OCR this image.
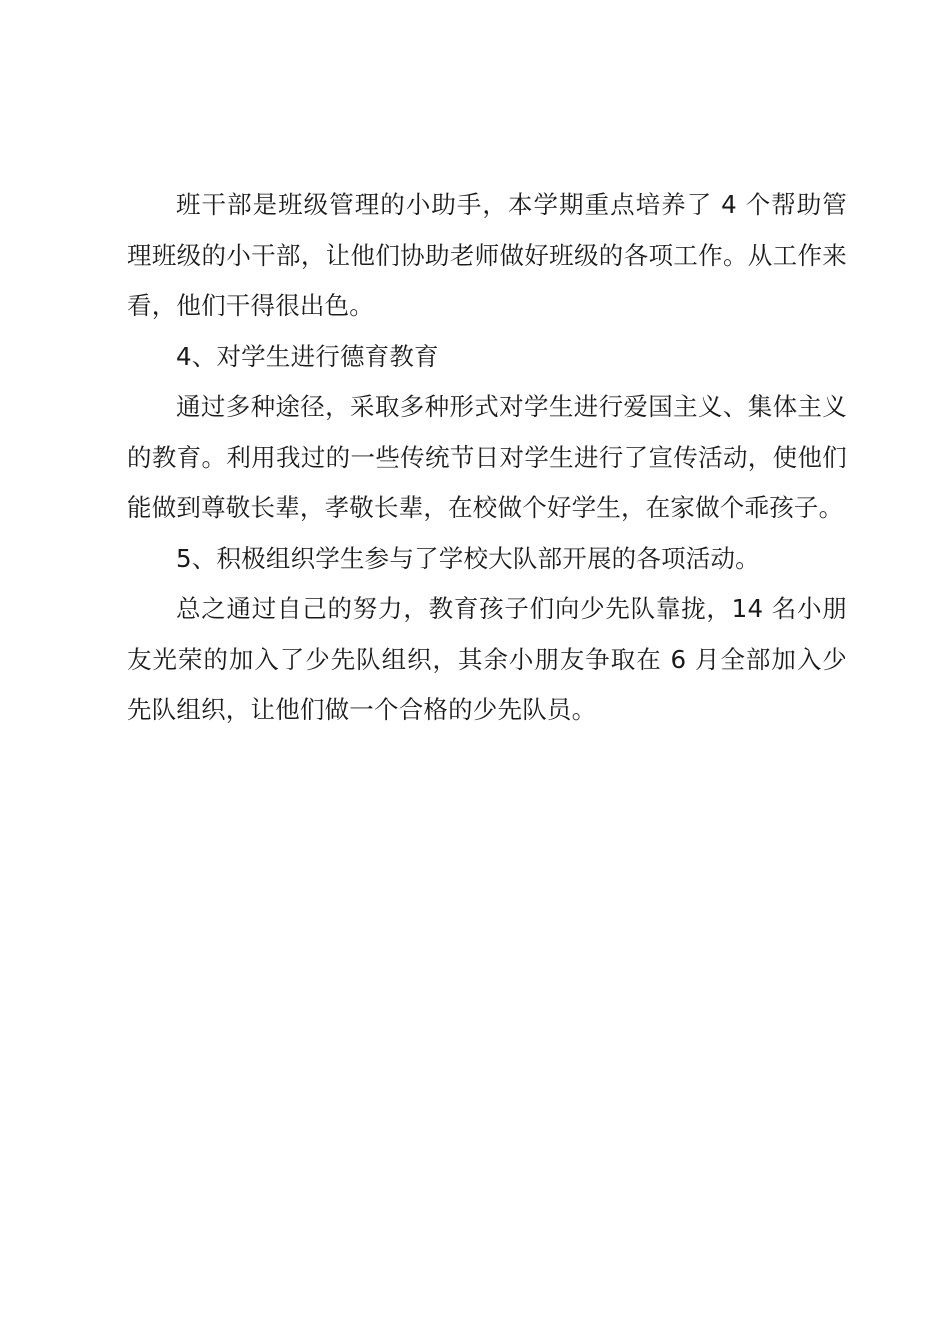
班干部是班级管理的小助手，本学期重点培养了 4 个帮助管理班级的小干部，让他们协助老师做好班级的各项工作。从工作来看，他们干得很出色。

4、对学生进行德育教育

通过多种途径，采取多种形式对学生进行爱国主义、集体主义的教育。利用我过的一些传统节日对学生进行了宣传活动，使他们能做到尊敬长辈，孝敬长辈，在校做个好学生，在家做个乖孩子。

5、积极组织学生参与了学校大队部开展的各项活动。

总之通过自己的努力，教育孩子们向少先队靠拢，14 名小朋友光荣的加入了少先队组织，其余小朋友争取在 6 月全部加入少先队组织，让他们做一个合格的少先队员。
